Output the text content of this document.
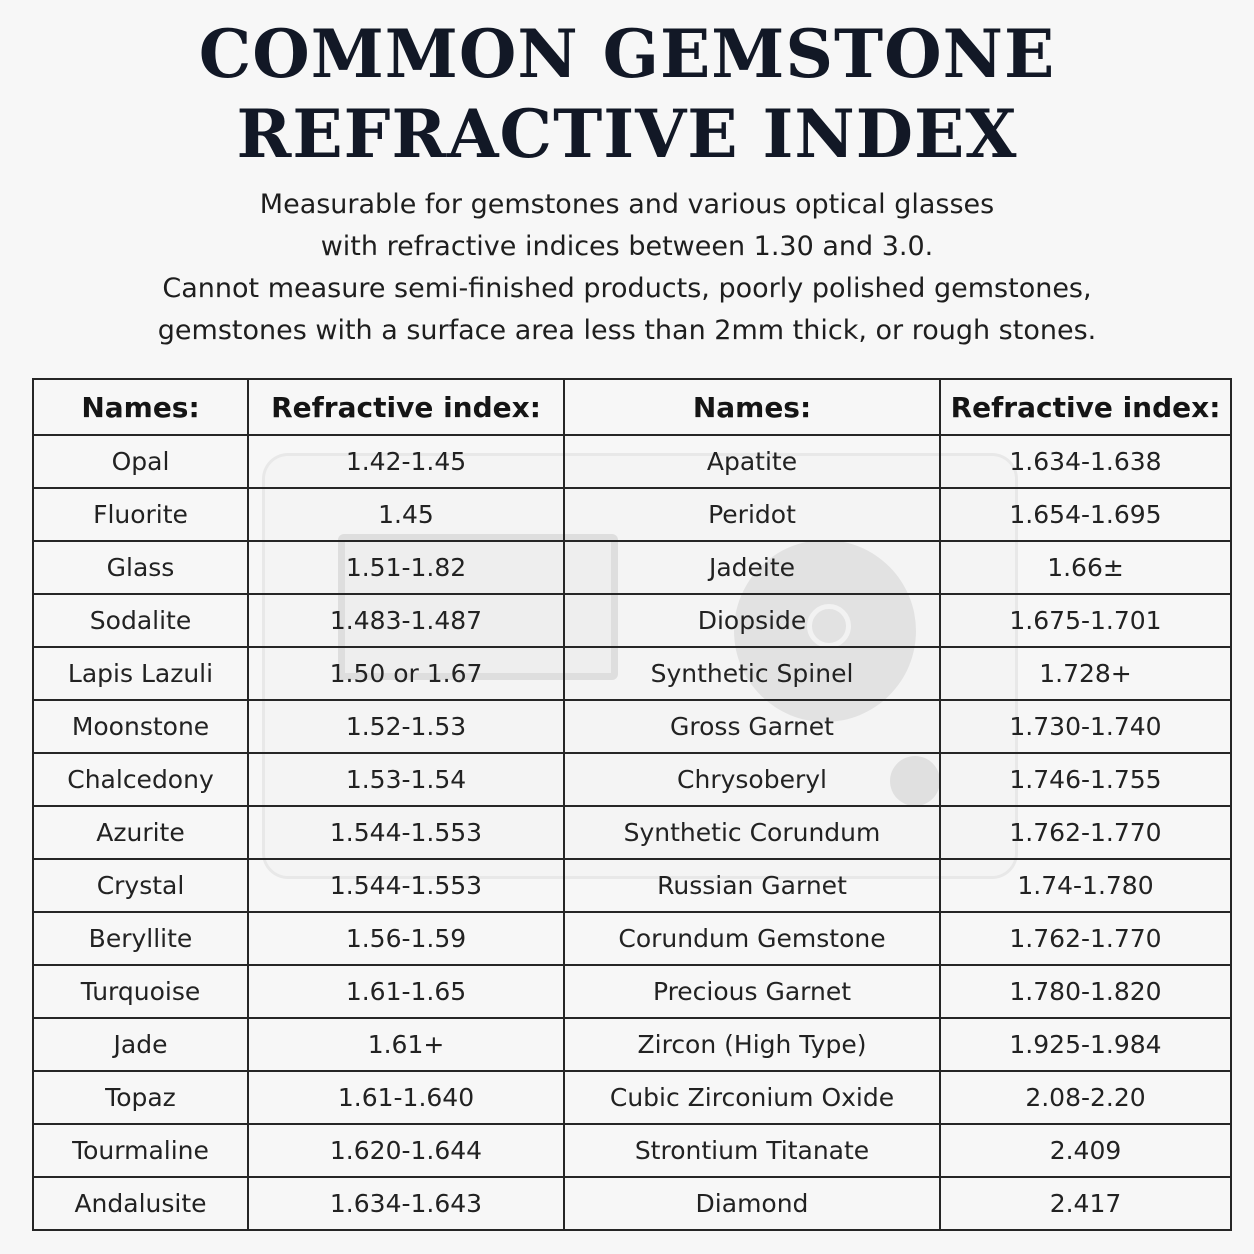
COMMON GEMSTONE
REFRACTIVE INDEX
Measurable for gemstones and various optical glasses
with refractive indices between 1.30 and 3.0.
Cannot measure semi-finished products, poorly polished gemstones,
gemstones with a surface area less than 2mm thick, or rough stones.
Names:	Refractive index:	Names:	Refractive index:
Opal	1.42-1.45	Apatite	1.634-1.638
Fluorite	1.45	Peridot	1.654-1.695
Glass	1.51-1.82	Jadeite	1.66±
Sodalite	1.483-1.487	Diopside	1.675-1.701
Lapis Lazuli	1.50 or 1.67	Synthetic Spinel	1.728+
Moonstone	1.52-1.53	Gross Garnet	1.730-1.740
Chalcedony	1.53-1.54	Chrysoberyl	1.746-1.755
Azurite	1.544-1.553	Synthetic Corundum	1.762-1.770
Crystal	1.544-1.553	Russian Garnet	1.74-1.780
Beryllite	1.56-1.59	Corundum Gemstone	1.762-1.770
Turquoise	1.61-1.65	Precious Garnet	1.780-1.820
Jade	1.61+	Zircon (High Type)	1.925-1.984
Topaz	1.61-1.640	Cubic Zirconium Oxide	2.08-2.20
Tourmaline	1.620-1.644	Strontium Titanate	2.409
Andalusite	1.634-1.643	Diamond	2.417
